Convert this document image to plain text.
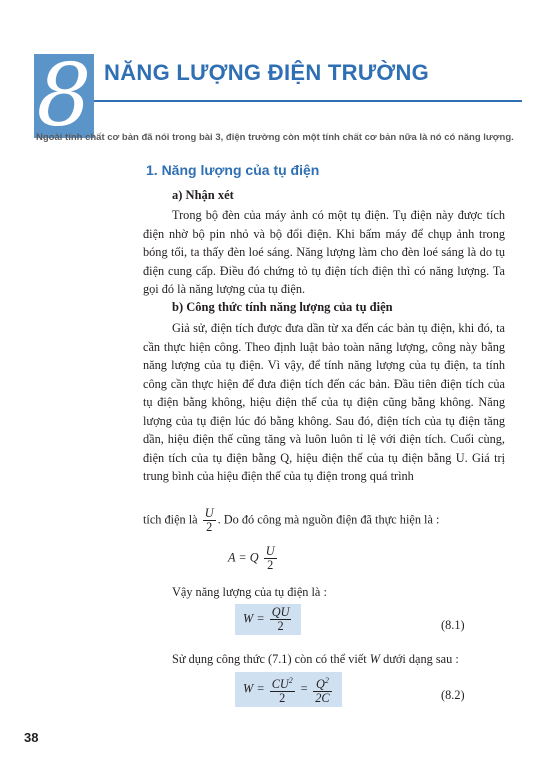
8 NĂNG LƯỢNG ĐIỆN TRƯỜNG
Ngoài tính chất cơ bản đã nói trong bài 3, điện trường còn một tính chất cơ bản nữa là nó có năng lượng.
1. Năng lượng của tụ điện
a) Nhận xét
Trong bộ đèn của máy ảnh có một tụ điện. Tụ điện này được tích điện nhờ bộ pin nhỏ và bộ đổi điện. Khi bấm máy để chụp ảnh trong bóng tối, ta thấy đèn loé sáng. Năng lượng làm cho đèn loé sáng là do tụ điện cung cấp. Điều đó chứng tỏ tụ điện tích điện thì có năng lượng. Ta gọi đó là năng lượng của tụ điện.
b) Công thức tính năng lượng của tụ điện
Giả sử, điện tích được đưa dần từ xa đến các bản tụ điện, khi đó, ta cần thực hiện công. Theo định luật bảo toàn năng lượng, công này bằng năng lượng của tụ điện. Vì vậy, để tính năng lượng của tụ điện, ta tính công cần thực hiện để đưa điện tích đến các bản. Đầu tiên điện tích của tụ điện bằng không, hiệu điện thế của tụ điện cũng bằng không. Năng lượng của tụ điện lúc đó bằng không. Sau đó, điện tích của tụ điện tăng dần, hiệu điện thế cũng tăng và luôn luôn tỉ lệ với điện tích. Cuối cùng, điện tích của tụ điện bằng Q, hiệu điện thế của tụ điện bằng U. Giá trị trung bình của hiệu điện thế của tụ điện trong quá trình
tích điện là $\frac{U}{2}$ . Do đó công mà nguồn điện đã thực hiện là :
A = Q $\frac{U}{2}$
Vậy năng lượng của tụ điện là :
$W = \frac{QU}{2}$	(8.1)
Sử dụng công thức (7.1) còn có thể viết W dưới dạng sau :
$W = \frac{CU^2}{2} = \frac{Q^2}{2C}$	(8.2)
38
